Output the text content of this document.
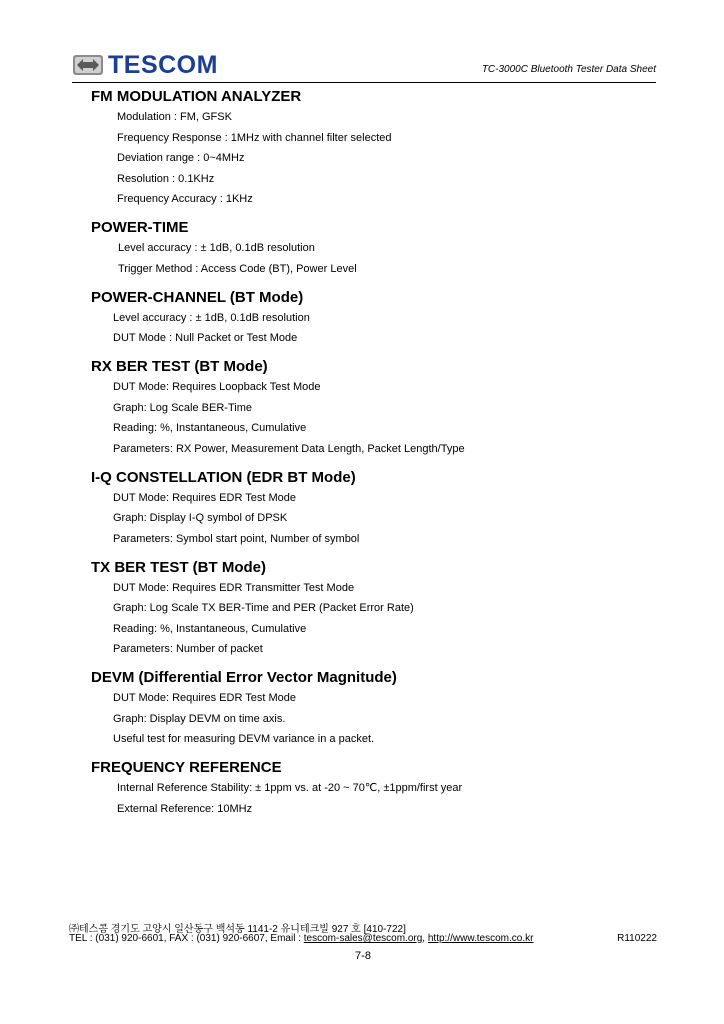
TESCOM	TC-3000C Bluetooth Tester Data Sheet
FM MODULATION ANALYZER
Modulation : FM, GFSK
Frequency Response : 1MHz with channel filter selected
Deviation range : 0~4MHz
Resolution : 0.1KHz
Frequency Accuracy : 1KHz
POWER-TIME
Level accuracy : ± 1dB, 0.1dB resolution
Trigger Method : Access Code (BT), Power Level
POWER-CHANNEL (BT Mode)
Level accuracy : ± 1dB, 0.1dB resolution
DUT Mode : Null Packet or Test Mode
RX BER TEST (BT Mode)
DUT Mode: Requires Loopback Test Mode
Graph: Log Scale BER-Time
Reading: %, Instantaneous, Cumulative
Parameters: RX Power, Measurement Data Length, Packet Length/Type
I-Q CONSTELLATION (EDR BT Mode)
DUT Mode: Requires EDR Test Mode
Graph: Display I-Q symbol of DPSK
Parameters: Symbol start point, Number of symbol
TX BER TEST (BT Mode)
DUT Mode: Requires EDR Transmitter Test Mode
Graph: Log Scale TX BER-Time and PER (Packet Error Rate)
Reading: %, Instantaneous, Cumulative
Parameters: Number of packet
DEVM (Differential Error Vector Magnitude)
DUT Mode: Requires EDR Test Mode
Graph: Display DEVM on time axis.
Useful test for measuring DEVM variance in a packet.
FREQUENCY REFERENCE
Internal Reference Stability: ± 1ppm vs. at -20 ~ 70℃, ±1ppm/first year
External Reference: 10MHz
㈜테스콤 경기도 고양시 일산동구 백석동 1141-2 유니테크빌 927 호 [410-722]
TEL : (031) 920-6601, FAX : (031) 920-6607, Email : tescom-sales@tescom.org, http://www.tescom.co.kr	R110222
7-8
